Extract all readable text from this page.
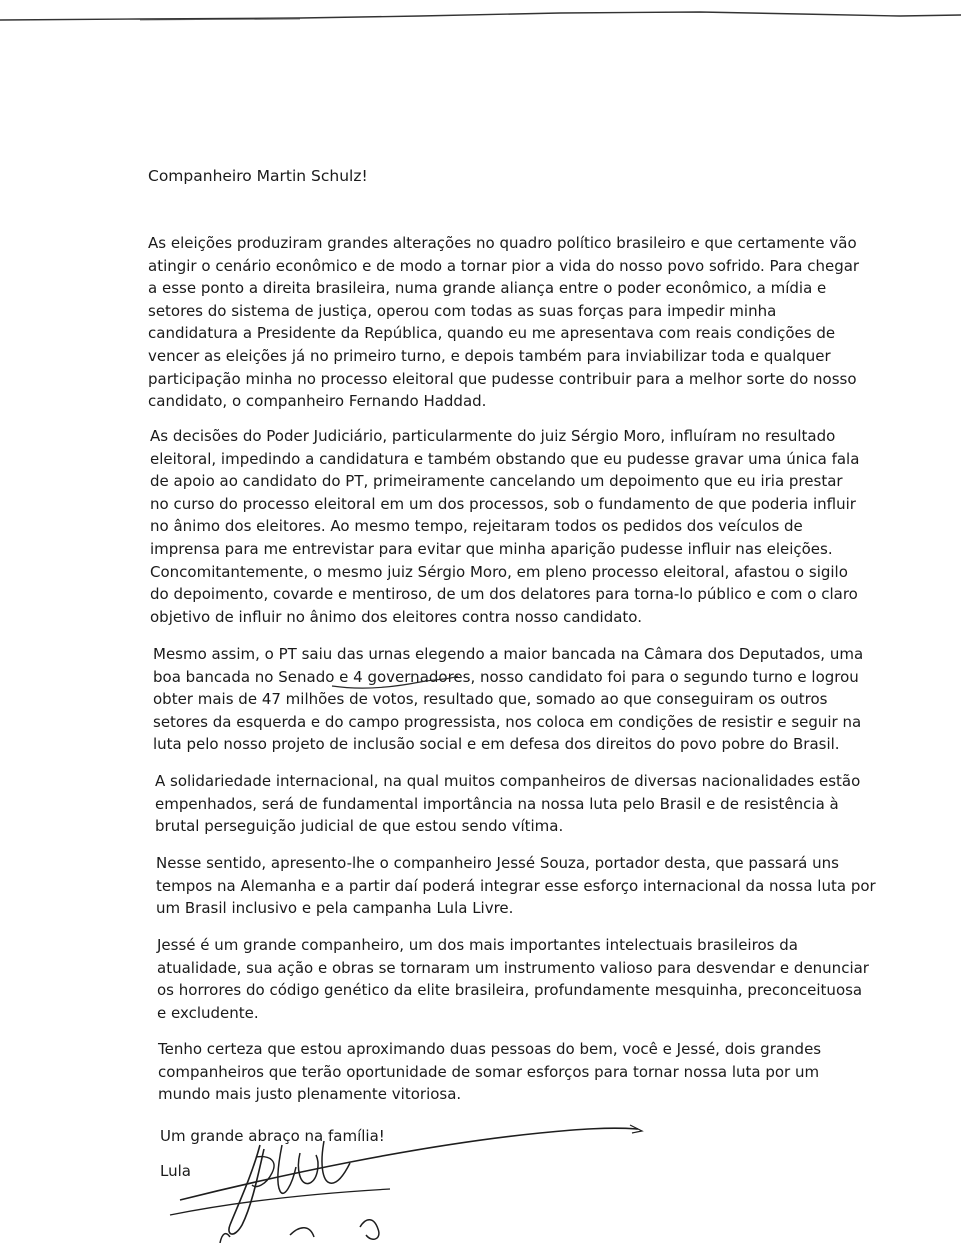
Companheiro Martin Schulz!

As eleições produziram grandes alterações no quadro político brasileiro e que certamente vão
atingir o cenário econômico e de modo a tornar pior a vida do nosso povo sofrido. Para chegar
a esse ponto a direita brasileira, numa grande aliança entre o poder econômico, a mídia e
setores do sistema de justiça, operou com todas as suas forças para impedir minha
candidatura a Presidente da República, quando eu me apresentava com reais condições de
vencer as eleições já no primeiro turno, e depois também para inviabilizar toda e qualquer
participação minha no processo eleitoral que pudesse contribuir para a melhor sorte do nosso
candidato, o companheiro Fernando Haddad.
As decisões do Poder Judiciário, particularmente do juiz Sérgio Moro, influíram no resultado
eleitoral, impedindo a candidatura e também obstando que eu pudesse gravar uma única fala
de apoio ao candidato do PT, primeiramente cancelando um depoimento que eu iria prestar
no curso do processo eleitoral em um dos processos, sob o fundamento de que poderia influir
no ânimo dos eleitores. Ao mesmo tempo, rejeitaram todos os pedidos dos veículos de
imprensa para me entrevistar para evitar que minha aparição pudesse influir nas eleições.
Concomitantemente, o mesmo juiz Sérgio Moro, em pleno processo eleitoral, afastou o sigilo
do depoimento, covarde e mentiroso, de um dos delatores para torna-lo público e com o claro
objetivo de influir no ânimo dos eleitores contra nosso candidato.
Mesmo assim, o PT saiu das urnas elegendo a maior bancada na Câmara dos Deputados, uma
boa bancada no Senado e 4 governadores, nosso candidato foi para o segundo turno e logrou
obter mais de 47 milhões de votos, resultado que, somado ao que conseguiram os outros
setores da esquerda e do campo progressista, nos coloca em condições de resistir e seguir na
luta pelo nosso projeto de inclusão social e em defesa dos direitos do povo pobre do Brasil.
A solidariedade internacional, na qual muitos companheiros de diversas nacionalidades estão
empenhados, será de fundamental importância na nossa luta pelo Brasil e de resistência à
brutal perseguição judicial de que estou sendo vítima.
Nesse sentido, apresento-lhe o companheiro Jessé Souza, portador desta, que passará uns
tempos na Alemanha e a partir daí poderá integrar esse esforço internacional da nossa luta por
um Brasil inclusivo e pela campanha Lula Livre.
Jessé é um grande companheiro, um dos mais importantes intelectuais brasileiros da
atualidade, sua ação e obras se tornaram um instrumento valioso para desvendar e denunciar
os horrores do código genético da elite brasileira, profundamente mesquinha, preconceituosa
e excludente.
Tenho certeza que estou aproximando duas pessoas do bem, você e Jessé, dois grandes
companheiros que terão oportunidade de somar esforços para tornar nossa luta por um
mundo mais justo plenamente vitoriosa.

Um grande abraço na família!

Lula
